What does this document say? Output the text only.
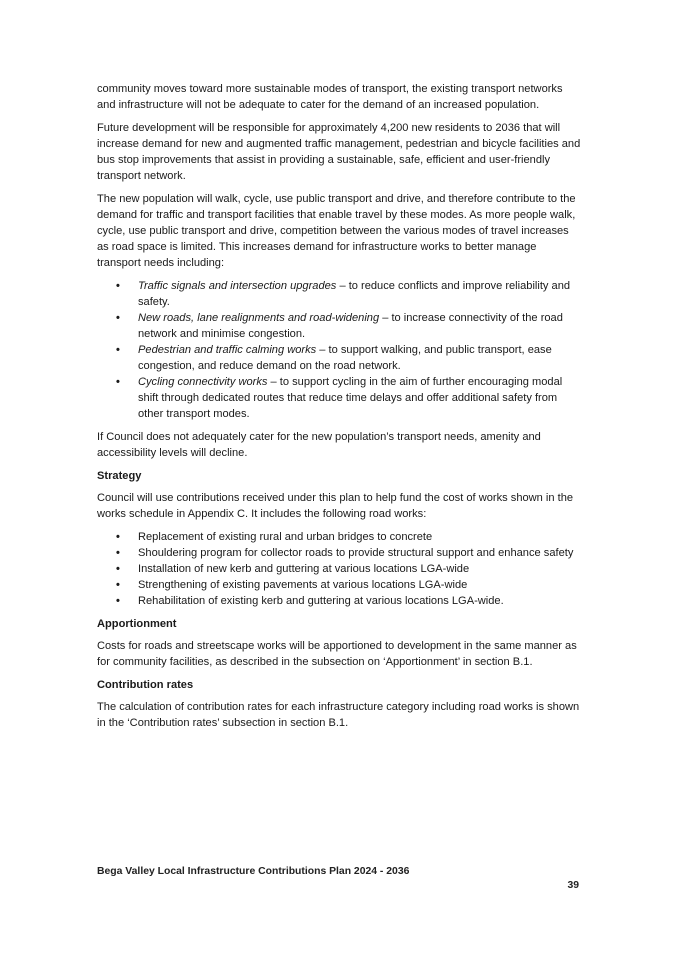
community moves toward more sustainable modes of transport, the existing transport networks and infrastructure will not be adequate to cater for the demand of an increased population.

Future development will be responsible for approximately 4,200 new residents to 2036 that will increase demand for new and augmented traffic management, pedestrian and bicycle facilities and bus stop improvements that assist in providing a sustainable, safe, efficient and user-friendly transport network.

The new population will walk, cycle, use public transport and drive, and therefore contribute to the demand for traffic and transport facilities that enable travel by these modes. As more people walk, cycle, use public transport and drive, competition between the various modes of travel increases as road space is limited. This increases demand for infrastructure works to better manage transport needs including:

• Traffic signals and intersection upgrades – to reduce conflicts and improve reliability and safety.
• New roads, lane realignments and road-widening – to increase connectivity of the road network and minimise congestion.
• Pedestrian and traffic calming works – to support walking, and public transport, ease congestion, and reduce demand on the road network.
• Cycling connectivity works – to support cycling in the aim of further encouraging modal shift through dedicated routes that reduce time delays and offer additional safety from other transport modes.

If Council does not adequately cater for the new population’s transport needs, amenity and accessibility levels will decline.

Strategy

Council will use contributions received under this plan to help fund the cost of works shown in the works schedule in Appendix C. It includes the following road works:

• Replacement of existing rural and urban bridges to concrete
• Shouldering program for collector roads to provide structural support and enhance safety
• Installation of new kerb and guttering at various locations LGA-wide
• Strengthening of existing pavements at various locations LGA-wide
• Rehabilitation of existing kerb and guttering at various locations LGA-wide.
Apportionment

Costs for roads and streetscape works will be apportioned to development in the same manner as for community facilities, as described in the subsection on ‘Apportionment’ in section B.1.

Contribution rates

The calculation of contribution rates for each infrastructure category including road works is shown in the ‘Contribution rates’ subsection in section B.1.

Bega Valley Local Infrastructure Contributions Plan 2024 - 2036
39
